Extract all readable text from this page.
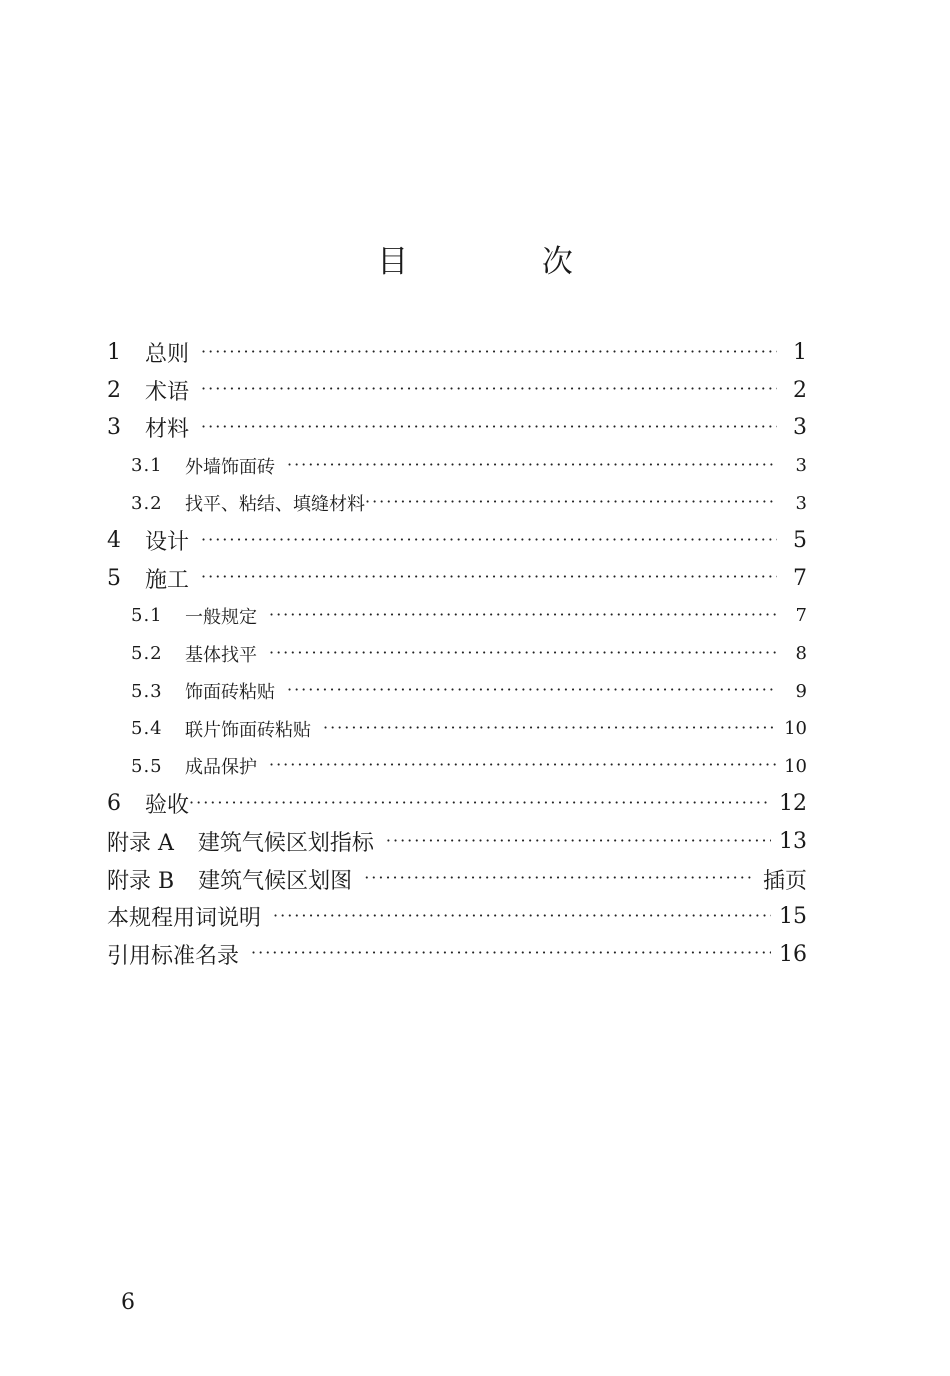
目 次
1	总则 ·····	1
2	术语 ·····	2
3	材料 ·····	3
3.1	外墙饰面砖 ·····	3
3.2	找平、粘结、填缝材料 ·····	3
4	设计 ·····	5
5	施工 ·····	7
5.1	一般规定 ·····	7
5.2	基体找平 ·····	8
5.3	饰面砖粘贴 ·····	9
5.4	联片饰面砖粘贴 ·····	10
5.5	成品保护 ·····	10
6	验收 ·····	12
附录 A 建筑气候区划指标 ·····	13
附录 B 建筑气候区划图 ·····	插页
本规程用词说明 ·····	15
引用标准名录 ·····	16
6
